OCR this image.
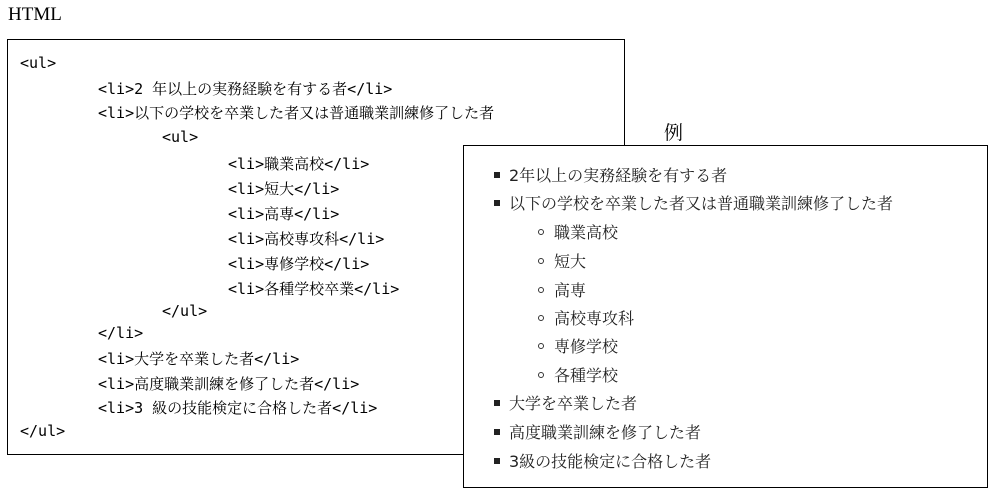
HTML
<ul>
<li>2 年以上の実務経験を有する者</li>
<li>以下の学校を卒業した者又は普通職業訓練修了した者
<ul>
<li>職業高校</li>
<li>短大</li>
<li>高専</li>
<li>高校専攻科</li>
<li>専修学校</li>
<li>各種学校卒業</li>
</ul>
</li>
<li>大学を卒業した者</li>
<li>高度職業訓練を修了した者</li>
<li>3 級の技能検定に合格した者</li>
</ul>
例
2年以上の実務経験を有する者
以下の学校を卒業した者又は普通職業訓練修了した者
職業高校
短大
高専
高校専攻科
専修学校
各種学校
大学を卒業した者
高度職業訓練を修了した者
3級の技能検定に合格した者
